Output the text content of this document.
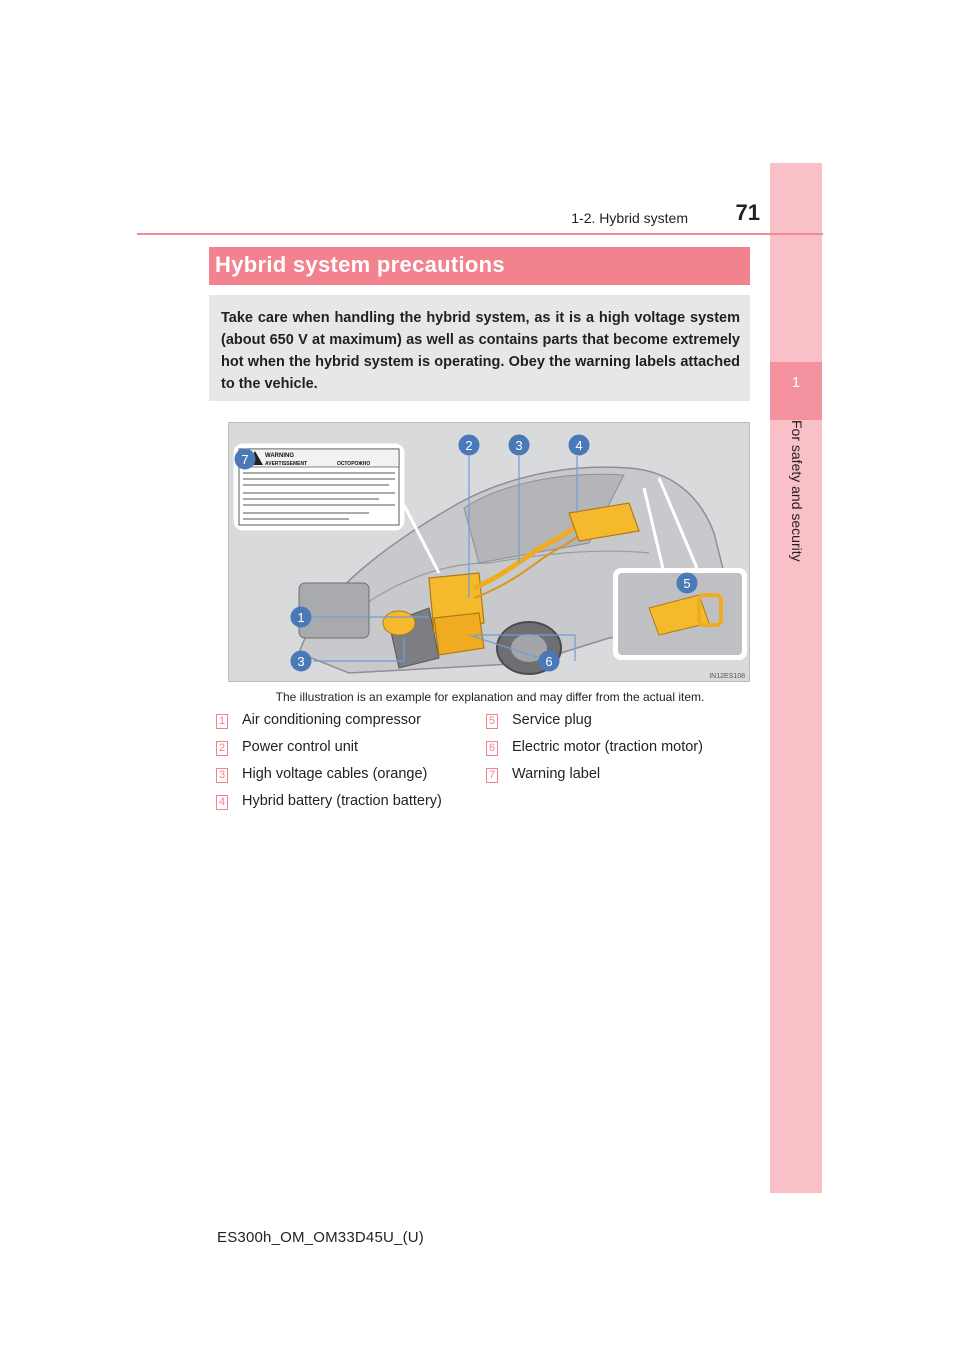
1
For safety and security
1-2. Hybrid system	71
Hybrid system precautions

Take care when handling the hybrid system, as it is a high voltage system (about 650 V at maximum) as well as contains parts that become extremely hot when the hybrid system is operating. Obey the warning labels attached to the vehicle.

WARNING
AVERTISSEMENT	ОСТОРОЖНО
1
2	3	4
5
6
7
3
IN12ES108
The illustration is an example for explanation and may differ from the actual item.
1 Air conditioning compressor
2 Power control unit
3 High voltage cables (orange)
4 Hybrid battery (traction battery)
5 Service plug
6 Electric motor (traction motor)
7 Warning label
ES300h_OM_OM33D45U_(U)
